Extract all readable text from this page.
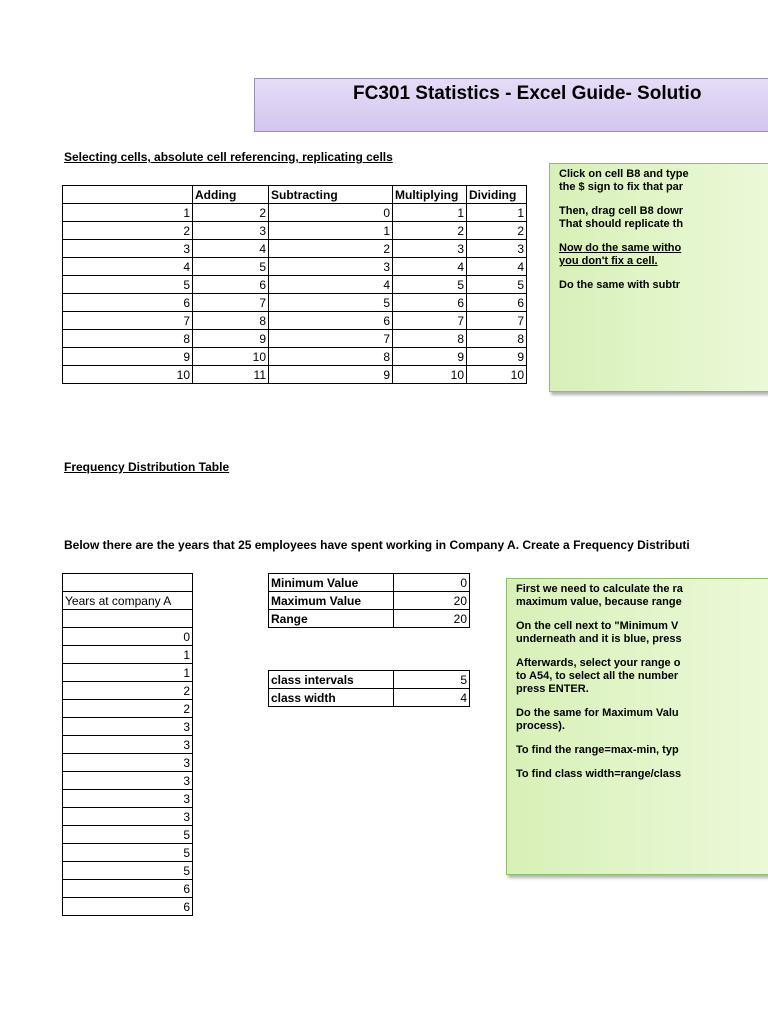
FC301 Statistics - Excel Guide- Solutio
Selecting cells, absolute cell referencing, replicating cells
	Adding	Subtracting	Multiplying	Dividing
1	2	0	1	1
2	3	1	2	2
3	4	2	3	3
4	5	3	4	4
5	6	4	5	5
6	7	5	6	6
7	8	6	7	7
8	9	7	8	8
9	10	8	9	9
10	11	9	10	10
Click on cell B8 and type

the $ sign to fix that par

Then, drag cell B8 dowr

That should replicate th

Now do the same witho

you don't fix a cell.

Do the same with subtr

Frequency Distribution Table
Below there are the years that 25 employees have spent working in Company A. Create a Frequency Distributi

Years at company A

0
1
1
2
2
3
3
3
3
3
3
5
5
5
6
6
Minimum Value	0
Maximum Value	20
Range	20
class intervals	5
class width	4
First we need to calculate the ra

maximum value, because range

On the cell next to "Minimum V

underneath and it is blue, press

Afterwards, select your range o
to A54, to select all the number

press ENTER.

Do the same for Maximum Valu

process).

To find the range=max-min, typ

To find class width=range/class
